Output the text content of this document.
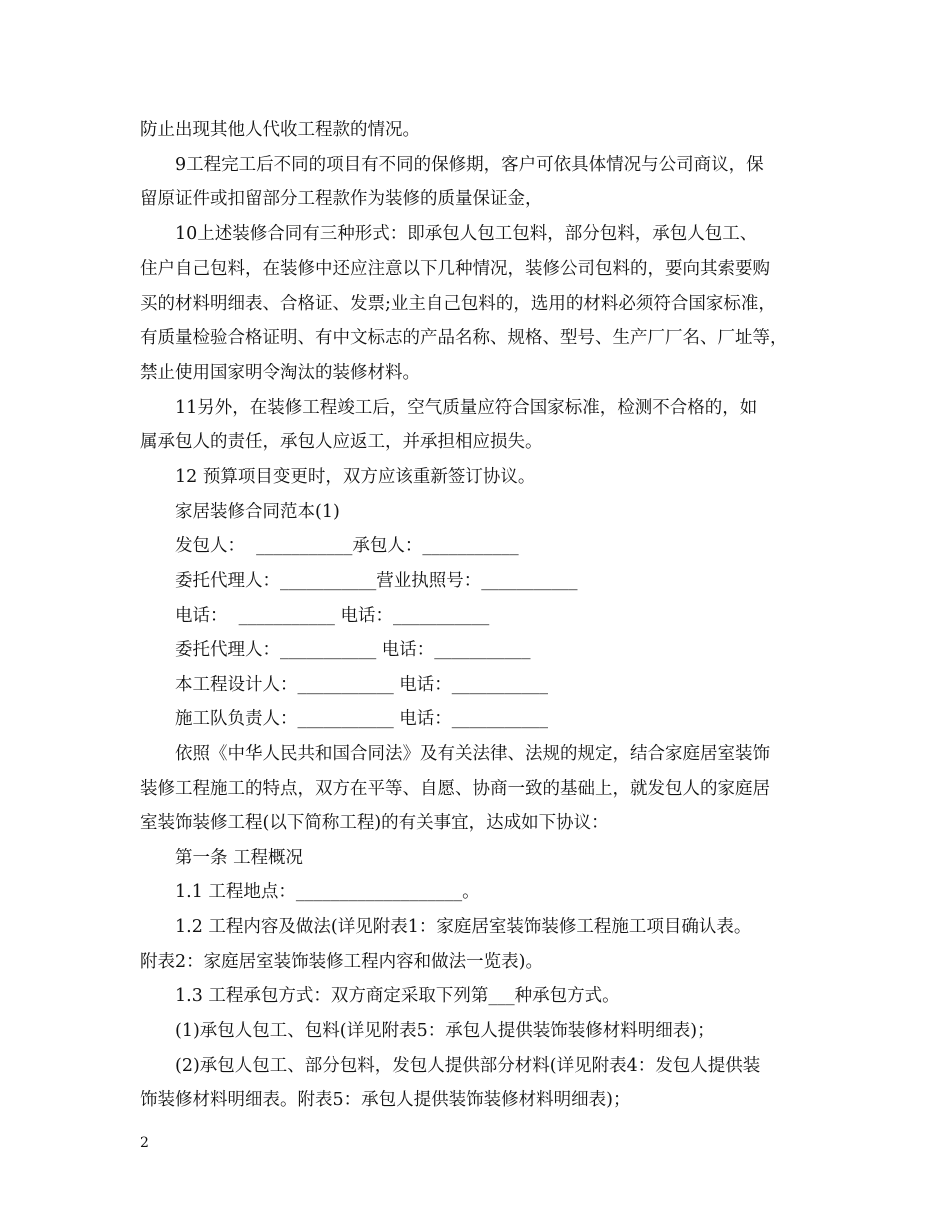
防止出现其他人代收工程款的情况。
9工程完工后不同的项目有不同的保修期，客户可依具体情况与公司商议，保
留原证件或扣留部分工程款作为装修的质量保证金，
10上述装修合同有三种形式：即承包人包工包料，部分包料，承包人包工、
住户自己包料，在装修中还应注意以下几种情况，装修公司包料的，要向其索要购
买的材料明细表、合格证、发票;业主自己包料的，选用的材料必须符合国家标准，
有质量检验合格证明、有中文标志的产品名称、规格、型号、生产厂厂名、厂址等，
禁止使用国家明令淘汰的装修材料。
11另外，在装修工程竣工后，空气质量应符合国家标准，检测不合格的，如
属承包人的责任，承包人应返工，并承担相应损失。
12 预算项目变更时，双方应该重新签订协议。
家居装修合同范本(1)
发包人：  ___________承包人：___________
委托代理人：___________营业执照号：___________
电话：  ___________ 电话：___________
委托代理人：___________ 电话：___________
本工程设计人：___________ 电话：___________
施工队负责人：___________ 电话：___________
依照《中华人民共和国合同法》及有关法律、法规的规定，结合家庭居室装饰
装修工程施工的特点，双方在平等、自愿、协商一致的基础上，就发包人的家庭居
室装饰装修工程(以下简称工程)的有关事宜，达成如下协议：
第一条 工程概况
1.1 工程地点：___________________。
1.2 工程内容及做法(详见附表1：家庭居室装饰装修工程施工项目确认表。
附表2：家庭居室装饰装修工程内容和做法一览表)。
1.3 工程承包方式：双方商定采取下列第___种承包方式。
(1)承包人包工、包料(详见附表5：承包人提供装饰装修材料明细表)；
(2)承包人包工、部分包料，发包人提供部分材料(详见附表4：发包人提供装
饰装修材料明细表。附表5：承包人提供装饰装修材料明细表)；
2
